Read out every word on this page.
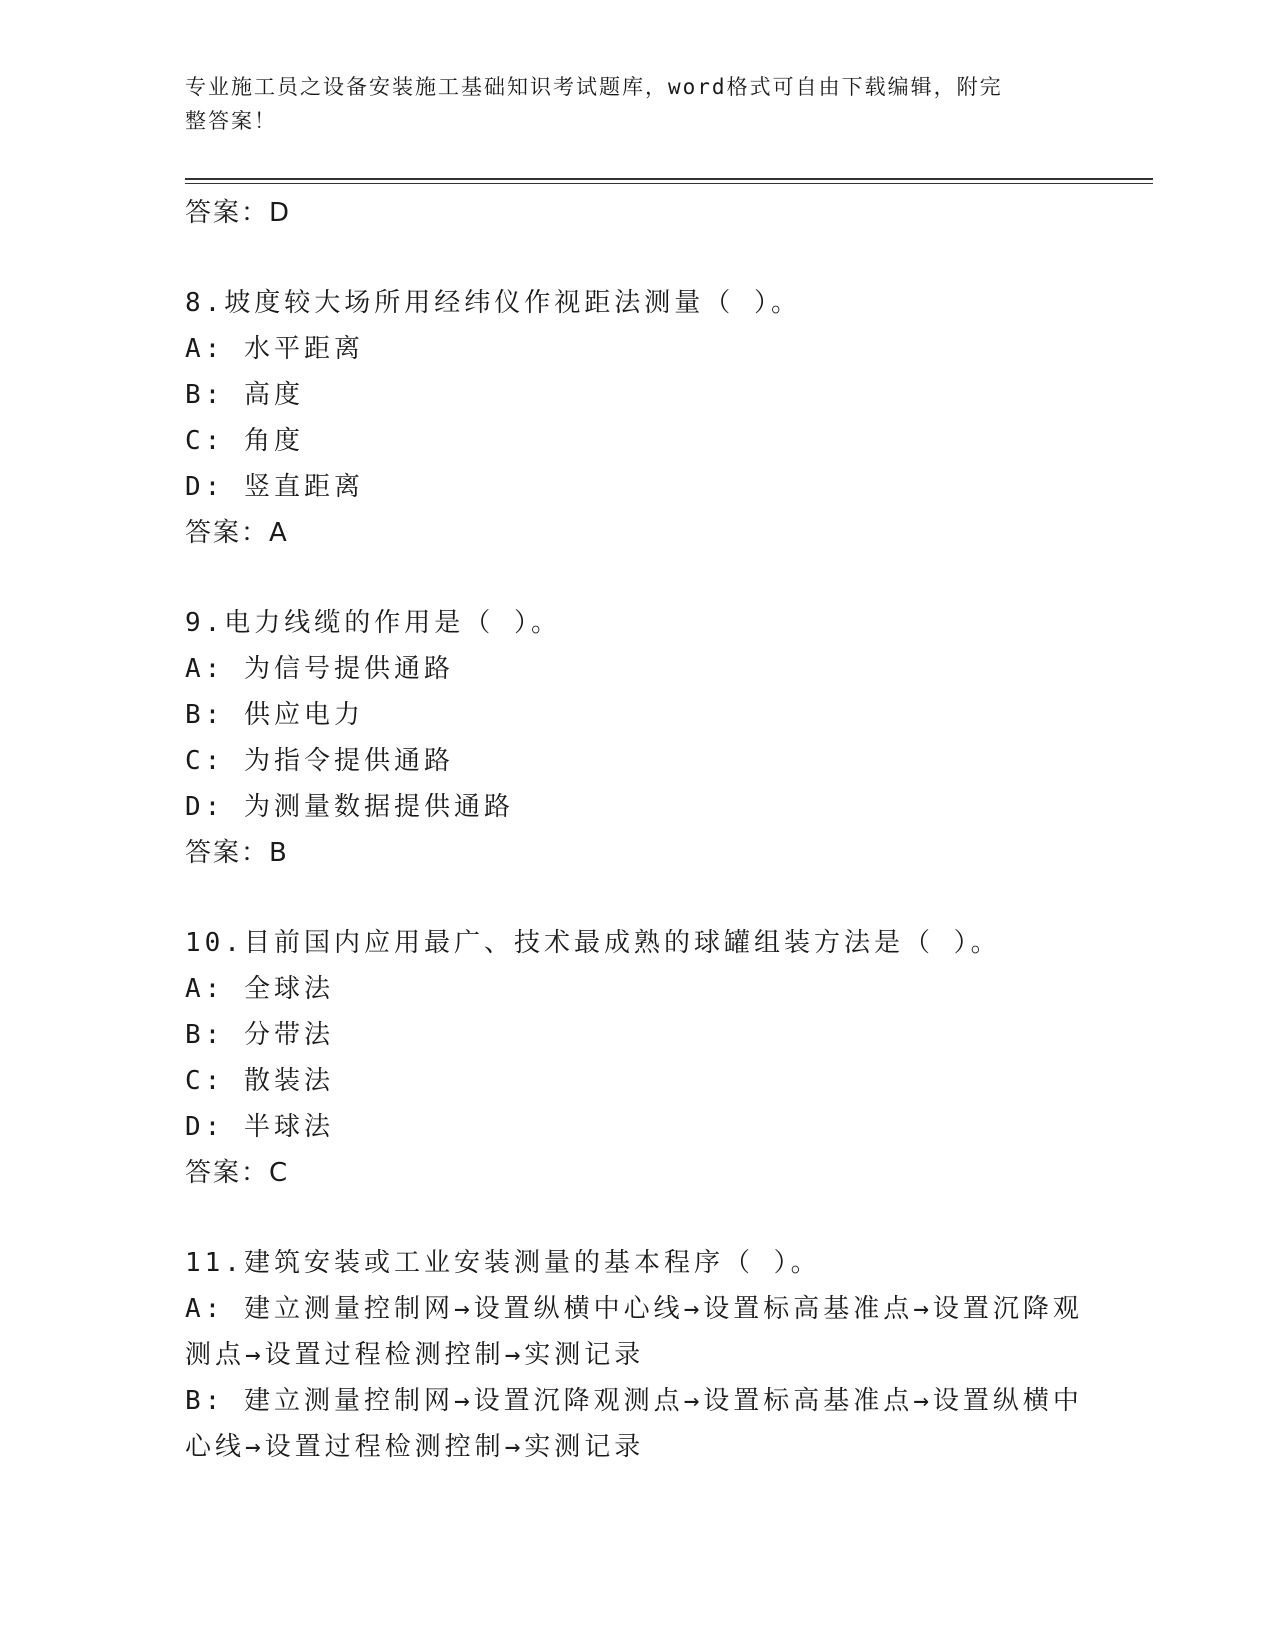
专业施工员之设备安装施工基础知识考试题库，word格式可自由下载编辑，附完
整答案！
答案：D
8.坡度较大场所用经纬仪作视距法测量（ ）。
A: 水平距离
B: 高度
C: 角度
D: 竖直距离
答案：A
9.电力线缆的作用是（ ）。
A: 为信号提供通路
B: 供应电力
C: 为指令提供通路
D: 为测量数据提供通路
答案：B
10.目前国内应用最广、技术最成熟的球罐组装方法是（ ）。
A: 全球法
B: 分带法
C: 散装法
D: 半球法
答案：C
11.建筑安装或工业安装测量的基本程序（ ）。
A: 建立测量控制网→设置纵横中心线→设置标高基准点→设置沉降观
测点→设置过程检测控制→实测记录
B: 建立测量控制网→设置沉降观测点→设置标高基准点→设置纵横中
心线→设置过程检测控制→实测记录
